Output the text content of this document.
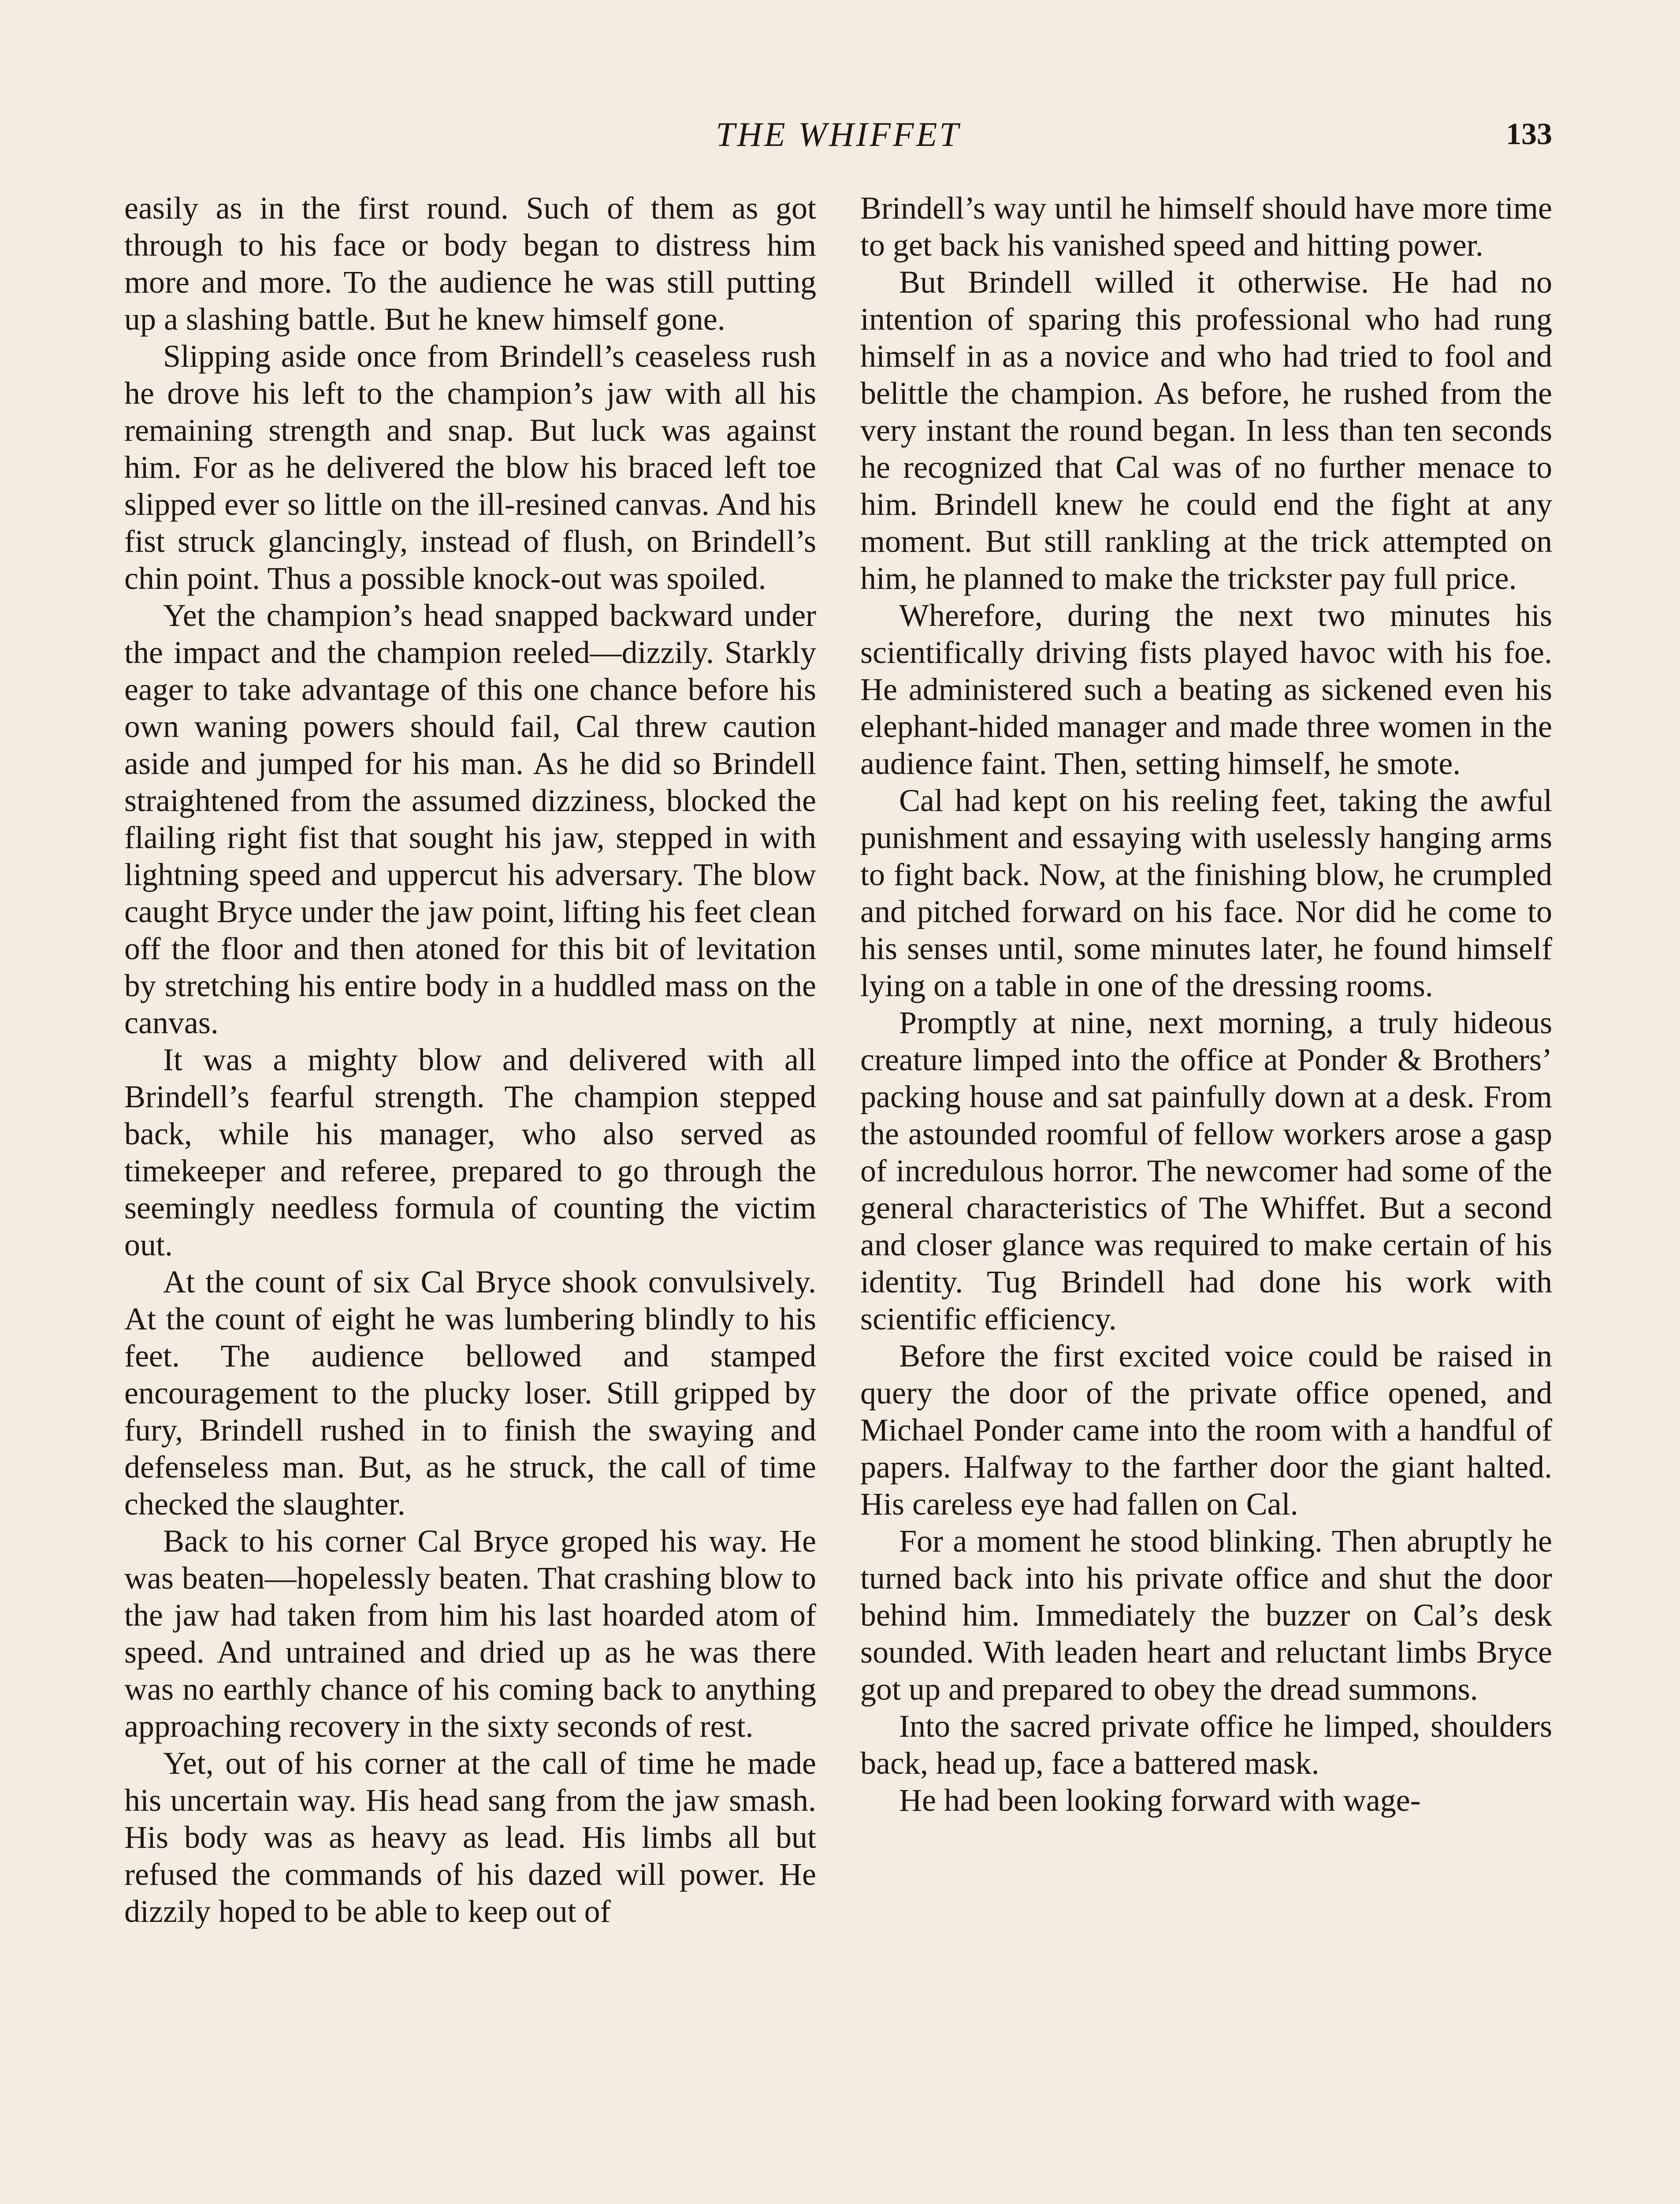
THE WHIFFET	133

easily as in the first round. Such of them as got through to his face or body began to distress him more and more. To the audience he was still putting up a slashing battle. But he knew himself gone.

Slipping aside once from Brindell’s ceaseless rush he drove his left to the champion’s jaw with all his remaining strength and snap. But luck was against him. For as he delivered the blow his braced left toe slipped ever so little on the ill-resined canvas. And his fist struck glancingly, instead of flush, on Brindell’s chin point. Thus a possible knock-out was spoiled.

Yet the champion’s head snapped backward under the impact and the champion reeled—dizzily. Starkly eager to take advantage of this one chance before his own waning powers should fail, Cal threw caution aside and jumped for his man. As he did so Brindell straightened from the assumed dizziness, blocked the flailing right fist that sought his jaw, stepped in with lightning speed and uppercut his adversary. The blow caught Bryce under the jaw point, lifting his feet clean off the floor and then atoned for this bit of levitation by stretching his entire body in a huddled mass on the canvas.

It was a mighty blow and delivered with all Brindell’s fearful strength. The champion stepped back, while his manager, who also served as timekeeper and referee, prepared to go through the seemingly needless formula of counting the victim out.

At the count of six Cal Bryce shook convulsively. At the count of eight he was lumbering blindly to his feet. The audience bellowed and stamped encouragement to the plucky loser. Still gripped by fury, Brindell rushed in to finish the swaying and defenseless man. But, as he struck, the call of time checked the slaughter.

Back to his corner Cal Bryce groped his way. He was beaten—hopelessly beaten. That crashing blow to the jaw had taken from him his last hoarded atom of speed. And untrained and dried up as he was there was no earthly chance of his coming back to anything approaching recovery in the sixty seconds of rest.

Yet, out of his corner at the call of time he made his uncertain way. His head sang from the jaw smash. His body was as heavy as lead. His limbs all but refused the commands of his dazed will power. He dizzily hoped to be able to keep out of

Brindell’s way until he himself should have more time to get back his vanished speed and hitting power.

But Brindell willed it otherwise. He had no intention of sparing this professional who had rung himself in as a novice and who had tried to fool and belittle the champion. As before, he rushed from the very instant the round began. In less than ten seconds he recognized that Cal was of no further menace to him. Brindell knew he could end the fight at any moment. But still rankling at the trick attempted on him, he planned to make the trickster pay full price.

Wherefore, during the next two minutes his scientifically driving fists played havoc with his foe. He administered such a beating as sickened even his elephant-hided manager and made three women in the audience faint. Then, setting himself, he smote.

Cal had kept on his reeling feet, taking the awful punishment and essaying with uselessly hanging arms to fight back. Now, at the finishing blow, he crumpled and pitched forward on his face. Nor did he come to his senses until, some minutes later, he found himself lying on a table in one of the dressing rooms.

Promptly at nine, next morning, a truly hideous creature limped into the office at Ponder & Brothers’ packing house and sat painfully down at a desk. From the astounded roomful of fellow workers arose a gasp of incredulous horror. The newcomer had some of the general characteristics of The Whiffet. But a second and closer glance was required to make certain of his identity. Tug Brindell had done his work with scientific efficiency.

Before the first excited voice could be raised in query the door of the private office opened, and Michael Ponder came into the room with a handful of papers. Halfway to the farther door the giant halted. His careless eye had fallen on Cal.

For a moment he stood blinking. Then abruptly he turned back into his private office and shut the door behind him. Immediately the buzzer on Cal’s desk sounded. With leaden heart and reluctant limbs Bryce got up and prepared to obey the dread summons.

Into the sacred private office he limped, shoulders back, head up, face a battered mask.

He had been looking forward with wage-
